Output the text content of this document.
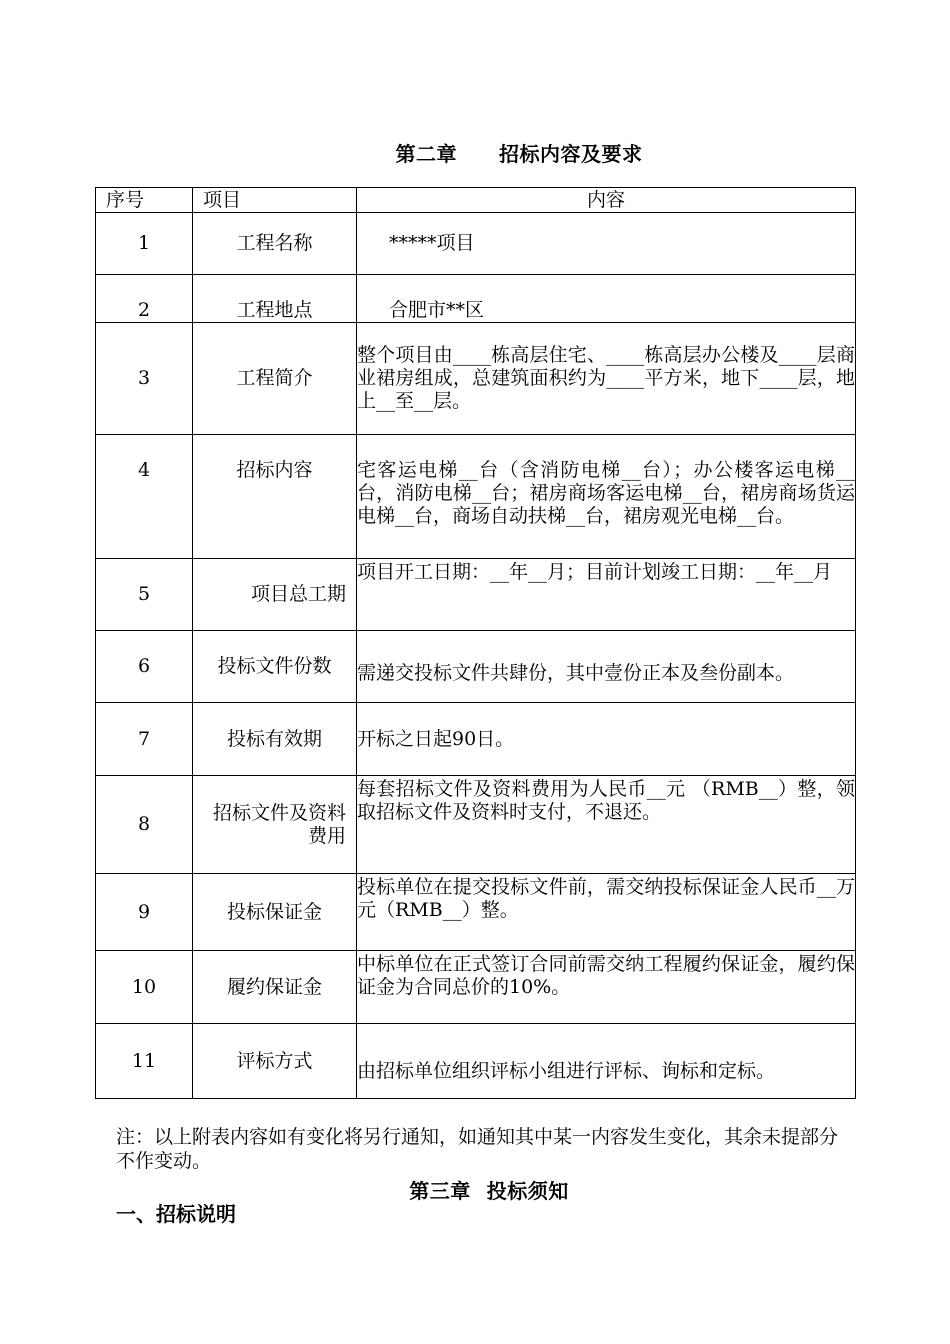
第二章 招标内容及要求
序号	项目	内容
1	工程名称	*****项目
2	工程地点	合肥市**区
3	工程简介	整个项目由____栋高层住宅、____栋高层办公楼及____层商业裙房组成，总建筑面积约为____平方米，地下____层，地上__至__层。
4	招标内容	宅客运电梯__台（含消防电梯__台）；办公楼客运电梯__台，消防电梯__台；裙房商场客运电梯__台，裙房商场货运电梯__台，商场自动扶梯__台，裙房观光电梯__台。
5	项目总工期	项目开工日期：__年__月；目前计划竣工日期：__年__月
6	投标文件份数	需递交投标文件共肆份，其中壹份正本及叁份副本。
7	投标有效期	开标之日起90日。
8	招标文件及资料费用	每套招标文件及资料费用为人民币__元 （RMB__）整，领取招标文件及资料时支付，不退还。
9	投标保证金	投标单位在提交投标文件前，需交纳投标保证金人民币__万元（RMB__）整。
10	履约保证金	中标单位在正式签订合同前需交纳工程履约保证金，履约保证金为合同总价的10%。
11	评标方式	由招标单位组织评标小组进行评标、询标和定标。
注：以上附表内容如有变化将另行通知，如通知其中某一内容发生变化，其余未提部分不作变动。
第三章 投标须知
一、招标说明
